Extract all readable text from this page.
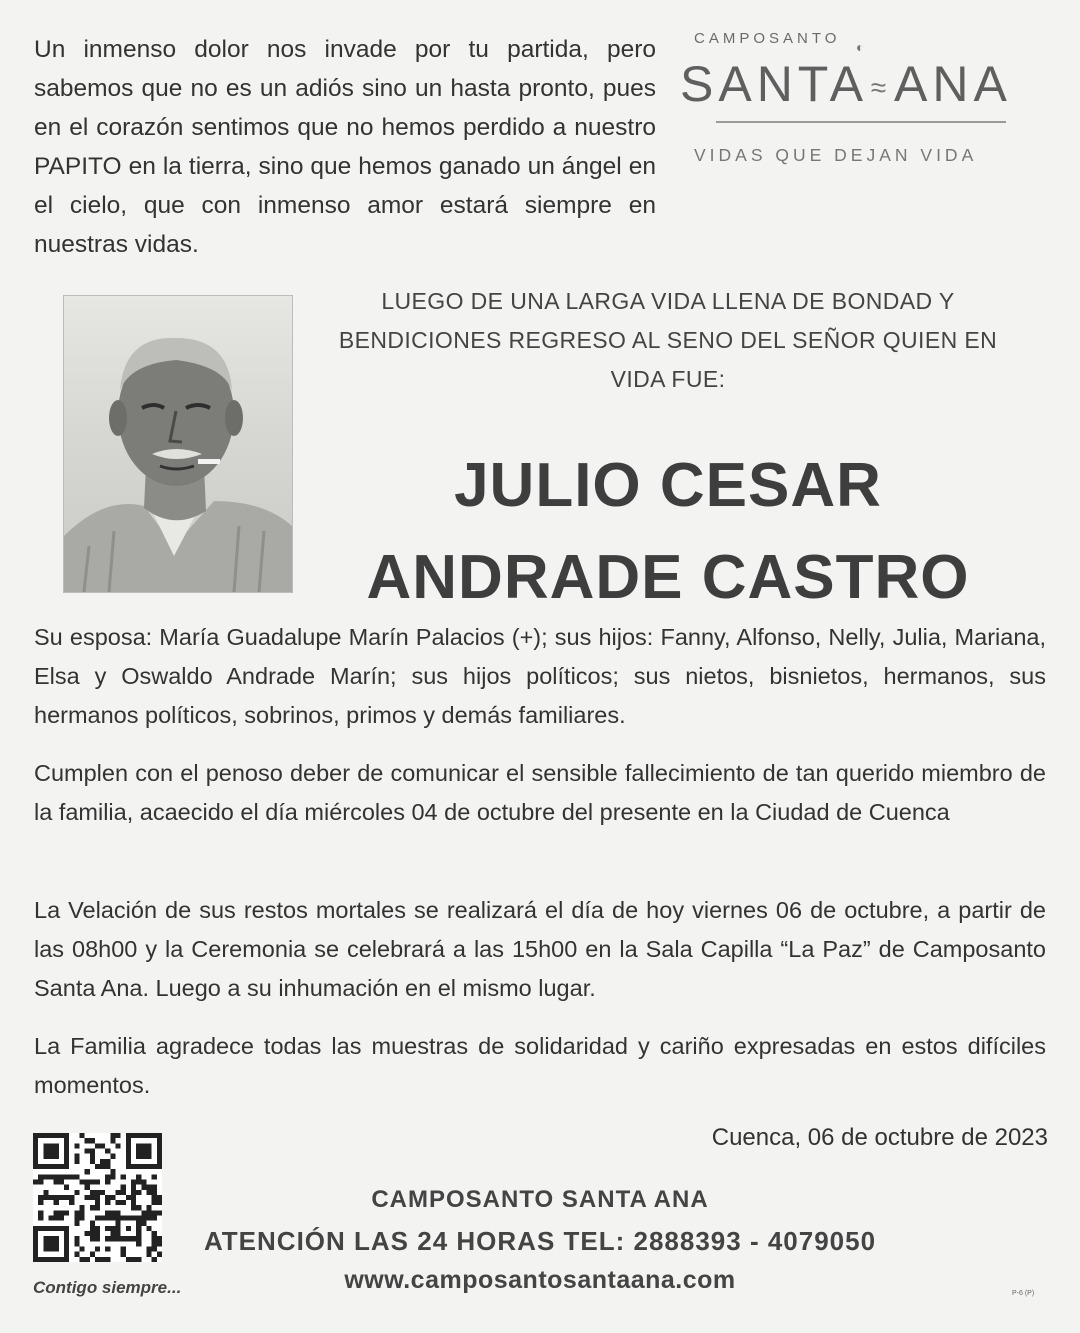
Un inmenso dolor nos invade por tu partida, pero sabemos que no es un adiós sino un hasta pronto, pues en el corazón sentimos que no hemos perdido a nuestro PAPITO en la tierra, sino que hemos ganado un ángel en el cielo, que con inmenso amor estará siempre en nuestras vidas.
CAMPOSANTO
SANTA ≈ANA
◐
VIDAS QUE DEJAN VIDA
LUEGO DE UNA LARGA VIDA LLENA DE BONDAD Y
BENDICIONES REGRESO AL SENO DEL SEÑOR QUIEN EN
VIDA FUE:
JULIO CESAR
ANDRADE CASTRO
Su esposa: María Guadalupe Marín Palacios (+); sus hijos: Fanny, Alfonso, Nelly, Julia, Mariana, Elsa y Oswaldo Andrade Marín; sus hijos políticos; sus nietos, bisnietos, hermanos, sus hermanos políticos, sobrinos, primos y demás familiares.
Cumplen con el penoso deber de comunicar el sensible fallecimiento de tan querido miembro de la familia, acaecido el día miércoles 04 de octubre del presente en la Ciudad de Cuenca
La Velación de sus restos mortales se realizará el día de hoy viernes 06 de octubre, a partir de las 08h00 y la Ceremonia se celebrará a las 15h00 en la Sala Capilla “La Paz” de Camposanto Santa Ana. Luego a su inhumación en el mismo lugar.
La Familia agradece todas las muestras de solidaridad y cariño expresadas en estos difíciles momentos.
Cuenca, 06 de octubre de 2023
Contigo siempre...
CAMPOSANTO SANTA ANA
ATENCIÓN LAS 24 HORAS TEL: 2888393 - 4079050
www.camposantosantaana.com	P-6 (P)
